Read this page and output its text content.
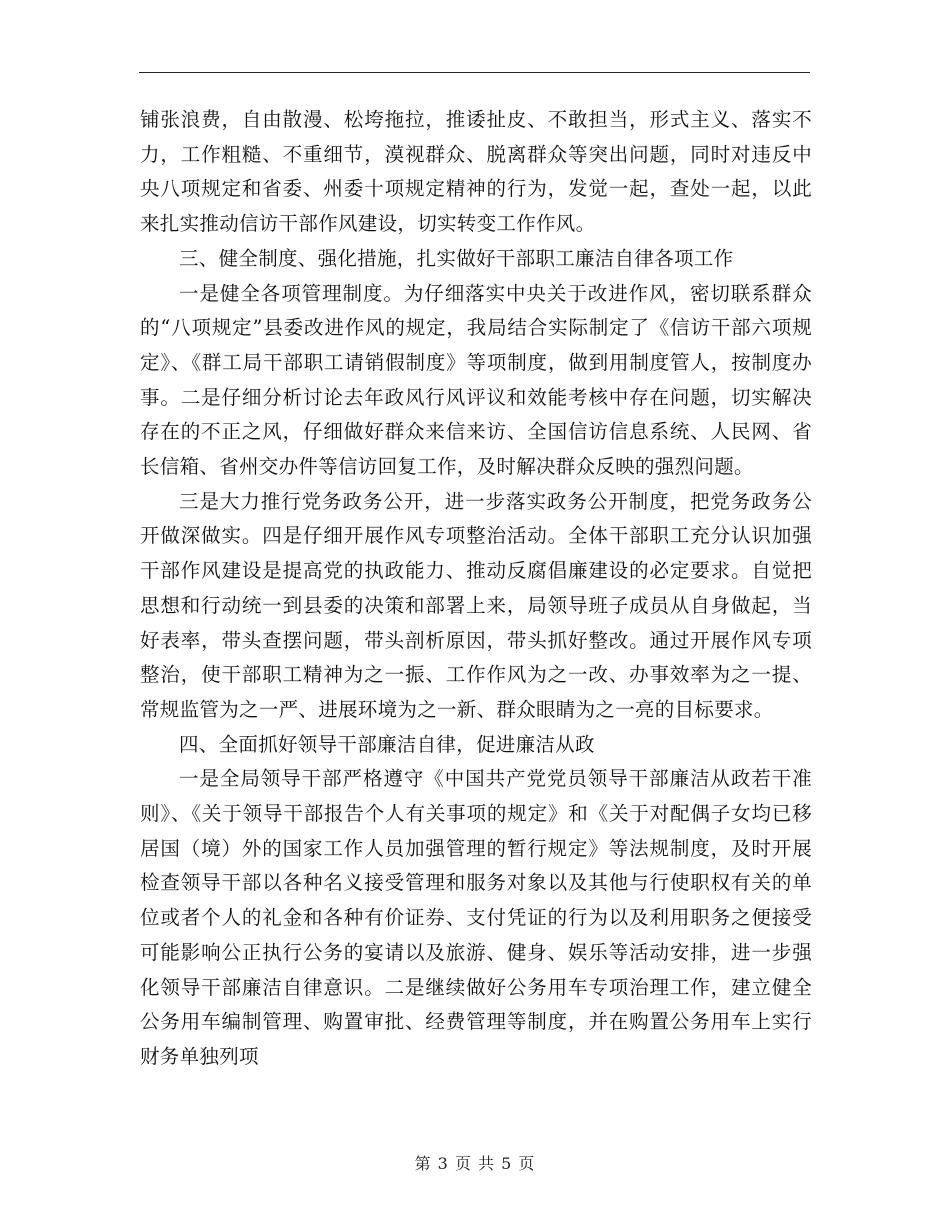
铺张浪费，自由散漫、松垮拖拉，推诿扯皮、不敢担当，形式主义、落实不力，工作粗糙、不重细节，漠视群众、脱离群众等突出问题，同时对违反中央八项规定和省委、州委十项规定精神的行为，发觉一起，查处一起，以此来扎实推动信访干部作风建设，切实转变工作作风。

三、健全制度、强化措施，扎实做好干部职工廉洁自律各项工作

一是健全各项管理制度。为仔细落实中央关于改进作风，密切联系群众的“八项规定”县委改进作风的规定，我局结合实际制定了《信访干部六项规定》、《群工局干部职工请销假制度》等项制度，做到用制度管人，按制度办事。二是仔细分析讨论去年政风行风评议和效能考核中存在问题，切实解决存在的不正之风，仔细做好群众来信来访、全国信访信息系统、人民网、省长信箱、省州交办件等信访回复工作，及时解决群众反映的强烈问题。

三是大力推行党务政务公开，进一步落实政务公开制度，把党务政务公开做深做实。四是仔细开展作风专项整治活动。全体干部职工充分认识加强干部作风建设是提高党的执政能力、推动反腐倡廉建设的必定要求。自觉把思想和行动统一到县委的决策和部署上来，局领导班子成员从自身做起，当好表率，带头查摆问题，带头剖析原因，带头抓好整改。通过开展作风专项整治，使干部职工精神为之一振、工作作风为之一改、办事效率为之一提、常规监管为之一严、进展环境为之一新、群众眼睛为之一亮的目标要求。

四、全面抓好领导干部廉洁自律，促进廉洁从政

一是全局领导干部严格遵守《中国共产党党员领导干部廉洁从政若干准则》、《关于领导干部报告个人有关事项的规定》和《关于对配偶子女均已移居国（境）外的国家工作人员加强管理的暂行规定》等法规制度，及时开展检查领导干部以各种名义接受管理和服务对象以及其他与行使职权有关的单位或者个人的礼金和各种有价证券、支付凭证的行为以及利用职务之便接受可能影响公正执行公务的宴请以及旅游、健身、娱乐等活动安排，进一步强化领导干部廉洁自律意识。二是继续做好公务用车专项治理工作，建立健全公务用车编制管理、购置审批、经费管理等制度，并在购置公务用车上实行财务单独列项

第 3 页 共 5 页
